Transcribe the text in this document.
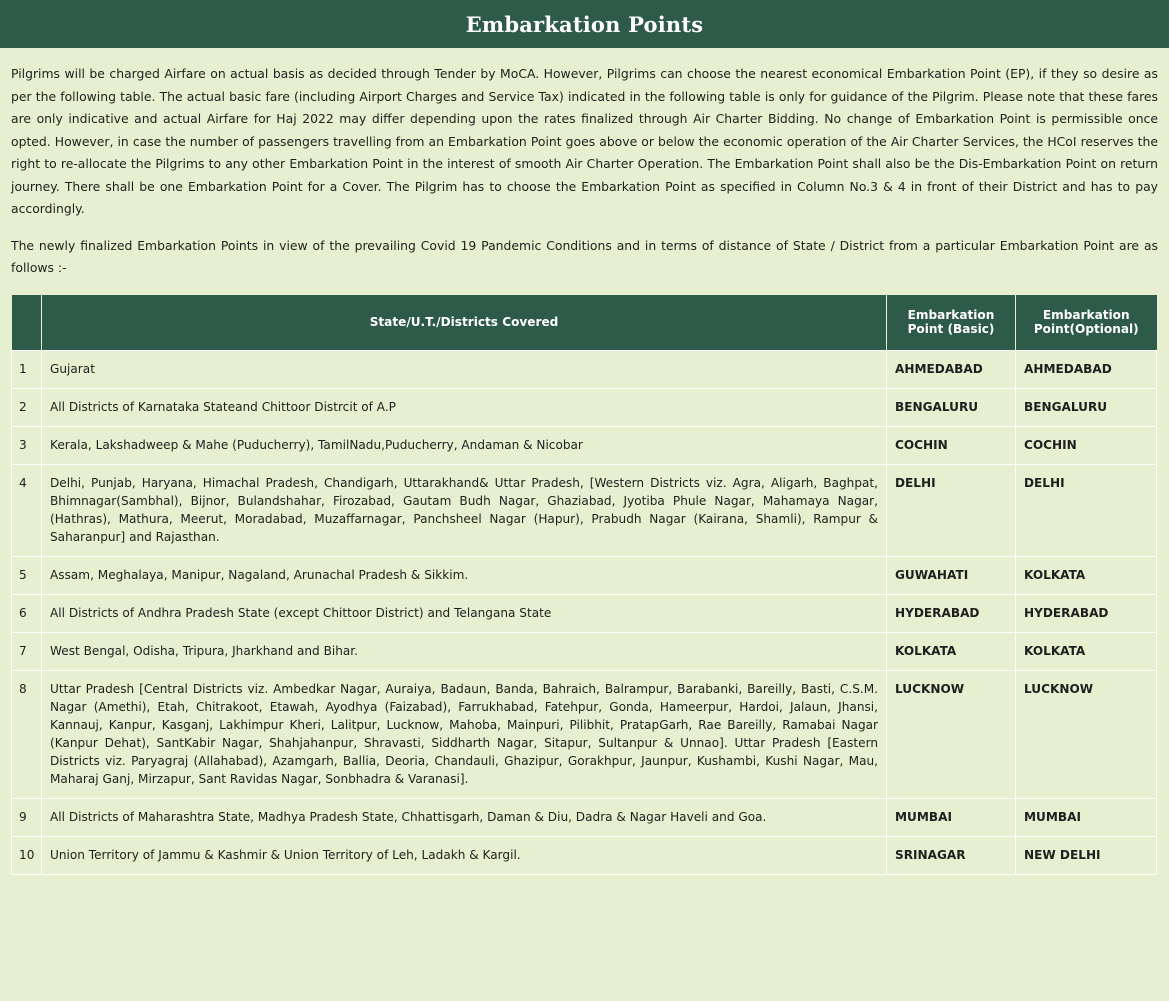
Embarkation Points

Pilgrims will be charged Airfare on actual basis as decided through Tender by MoCA. However, Pilgrims can choose the nearest economical Embarkation Point (EP), if they so desire as per the following table. The actual basic fare (including Airport Charges and Service Tax) indicated in the following table is only for guidance of the Pilgrim. Please note that these fares are only indicative and actual Airfare for Haj 2022 may differ depending upon the rates finalized through Air Charter Bidding. No change of Embarkation Point is permissible once opted. However, in case the number of passengers travelling from an Embarkation Point goes above or below the economic operation of the Air Charter Services, the HCoI reserves the right to re-allocate the Pilgrims to any other Embarkation Point in the interest of smooth Air Charter Operation. The Embarkation Point shall also be the Dis-Embarkation Point on return journey. There shall be one Embarkation Point for a Cover. The Pilgrim has to choose the Embarkation Point as specified in Column No.3 & 4 in front of their District and has to pay accordingly.

The newly finalized Embarkation Points in view of the prevailing Covid 19 Pandemic Conditions and in terms of distance of State / District from a particular Embarkation Point are as follows :-

	State/U.T./Districts Covered	Embarkation Point (Basic)	Embarkation Point(Optional)
1	Gujarat	AHMEDABAD	AHMEDABAD
2	All Districts of Karnataka Stateand Chittoor Distrcit of A.P	BENGALURU	BENGALURU
3	Kerala, Lakshadweep & Mahe (Puducherry), TamilNadu,Puducherry, Andaman & Nicobar	COCHIN	COCHIN
4	Delhi, Punjab, Haryana, Himachal Pradesh, Chandigarh, Uttarakhand& Uttar Pradesh, [Western Districts viz. Agra, Aligarh, Baghpat, Bhimnagar(Sambhal), Bijnor, Bulandshahar, Firozabad, Gautam Budh Nagar, Ghaziabad, Jyotiba Phule Nagar, Mahamaya Nagar, (Hathras), Mathura, Meerut, Moradabad, Muzaffarnagar, Panchsheel Nagar (Hapur), Prabudh Nagar (Kairana, Shamli), Rampur & Saharanpur] and Rajasthan.	DELHI	DELHI
5	Assam, Meghalaya, Manipur, Nagaland, Arunachal Pradesh & Sikkim.	GUWAHATI	KOLKATA
6	All Districts of Andhra Pradesh State (except Chittoor District) and Telangana State	HYDERABAD	HYDERABAD
7	West Bengal, Odisha, Tripura, Jharkhand and Bihar.	KOLKATA	KOLKATA
8	Uttar Pradesh [Central Districts viz. Ambedkar Nagar, Auraiya, Badaun, Banda, Bahraich, Balrampur, Barabanki, Bareilly, Basti, C.S.M. Nagar (Amethi), Etah, Chitrakoot, Etawah, Ayodhya (Faizabad), Farrukhabad, Fatehpur, Gonda, Hameerpur, Hardoi, Jalaun, Jhansi, Kannauj, Kanpur, Kasganj, Lakhimpur Kheri, Lalitpur, Lucknow, Mahoba, Mainpuri, Pilibhit, PratapGarh, Rae Bareilly, Ramabai Nagar (Kanpur Dehat), SantKabir Nagar, Shahjahanpur, Shravasti, Siddharth Nagar, Sitapur, Sultanpur & Unnao]. Uttar Pradesh [Eastern Districts viz. Paryagraj (Allahabad), Azamgarh, Ballia, Deoria, Chandauli, Ghazipur, Gorakhpur, Jaunpur, Kushambi, Kushi Nagar, Mau, Maharaj Ganj, Mirzapur, Sant Ravidas Nagar, Sonbhadra & Varanasi].	LUCKNOW	LUCKNOW
9	All Districts of Maharashtra State, Madhya Pradesh State, Chhattisgarh, Daman & Diu, Dadra & Nagar Haveli and Goa.	MUMBAI	MUMBAI
10	Union Territory of Jammu & Kashmir & Union Territory of Leh, Ladakh & Kargil.	SRINAGAR	NEW DELHI
